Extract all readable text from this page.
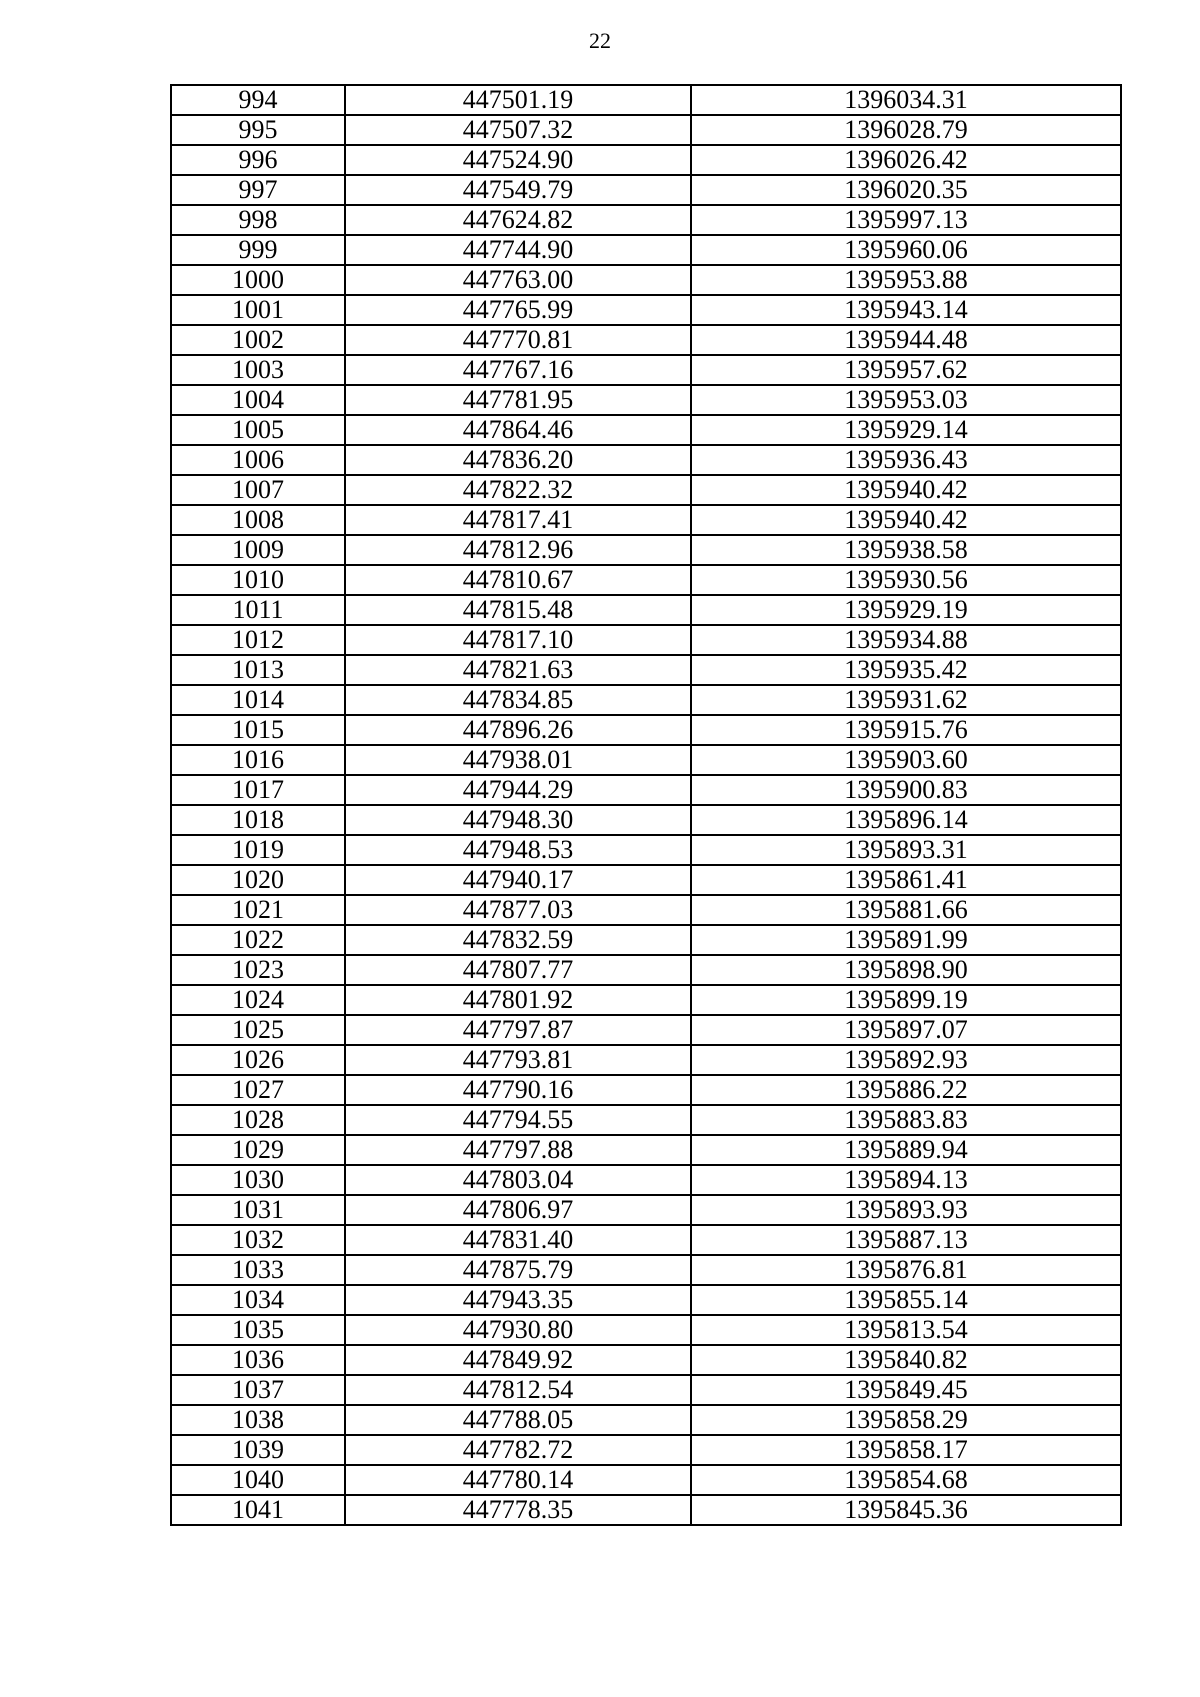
22
994	447501.19	1396034.31
995	447507.32	1396028.79
996	447524.90	1396026.42
997	447549.79	1396020.35
998	447624.82	1395997.13
999	447744.90	1395960.06
1000	447763.00	1395953.88
1001	447765.99	1395943.14
1002	447770.81	1395944.48
1003	447767.16	1395957.62
1004	447781.95	1395953.03
1005	447864.46	1395929.14
1006	447836.20	1395936.43
1007	447822.32	1395940.42
1008	447817.41	1395940.42
1009	447812.96	1395938.58
1010	447810.67	1395930.56
1011	447815.48	1395929.19
1012	447817.10	1395934.88
1013	447821.63	1395935.42
1014	447834.85	1395931.62
1015	447896.26	1395915.76
1016	447938.01	1395903.60
1017	447944.29	1395900.83
1018	447948.30	1395896.14
1019	447948.53	1395893.31
1020	447940.17	1395861.41
1021	447877.03	1395881.66
1022	447832.59	1395891.99
1023	447807.77	1395898.90
1024	447801.92	1395899.19
1025	447797.87	1395897.07
1026	447793.81	1395892.93
1027	447790.16	1395886.22
1028	447794.55	1395883.83
1029	447797.88	1395889.94
1030	447803.04	1395894.13
1031	447806.97	1395893.93
1032	447831.40	1395887.13
1033	447875.79	1395876.81
1034	447943.35	1395855.14
1035	447930.80	1395813.54
1036	447849.92	1395840.82
1037	447812.54	1395849.45
1038	447788.05	1395858.29
1039	447782.72	1395858.17
1040	447780.14	1395854.68
1041	447778.35	1395845.36
